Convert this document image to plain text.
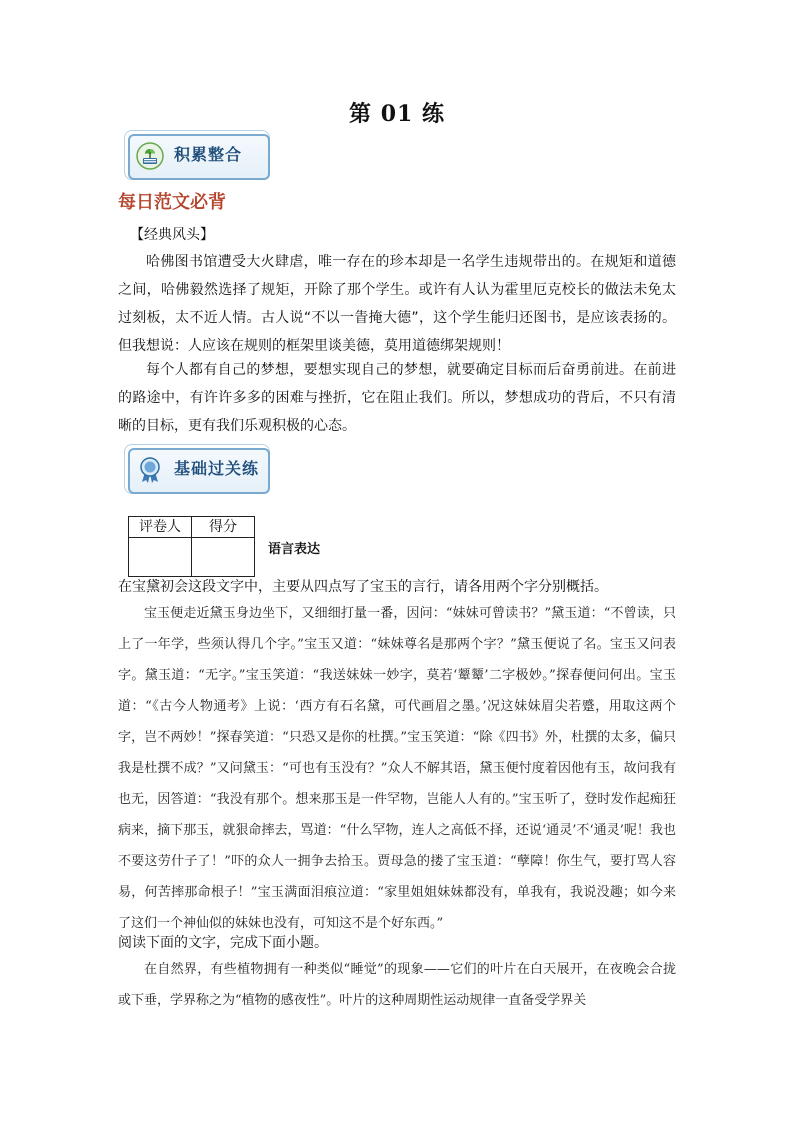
第 01 练
积累整合
每日范文必背
【经典风头】

哈佛图书馆遭受大火肆虐，唯一存在的珍本却是一名学生违规带出的。在规矩和道德之间，哈佛毅然选择了规矩，开除了那个学生。或许有人认为霍里厄克校长的做法未免太过刻板，太不近人情。古人说“不以一眚掩大德”，这个学生能归还图书，是应该表扬的。但我想说：人应该在规则的框架里谈美德，莫用道德绑架规则！

每个人都有自己的梦想，要想实现自己的梦想，就要确定目标而后奋勇前进。在前进的路途中，有许许多多的困难与挫折，它在阻止我们。所以，梦想成功的背后，不只有清晰的目标，更有我们乐观积极的心态。

基础过关练
评卷人	得分

语言表达
在宝黛初会这段文字中，主要从四点写了宝玉的言行，请各用两个字分别概括。

宝玉便走近黛玉身边坐下，又细细打量一番，因问：“妹妹可曾读书？”黛玉道：“不曾读，只上了一年学，些须认得几个字。”宝玉又道：“妹妹尊名是那两个字？”黛玉便说了名。宝玉又问表字。黛玉道：“无字。”宝玉笑道：“我送妹妹一妙字，莫若‘颦颦’二字极妙。”探春便问何出。宝玉道：“《古今人物通考》上说：‘西方有石名黛，可代画眉之墨。’况这妹妹眉尖若蹙，用取这两个字，岂不两妙！”探春笑道：“只恐又是你的杜撰。”宝玉笑道：“除《四书》外，杜撰的太多，偏只我是杜撰不成？”又问黛玉：“可也有玉没有？”众人不解其语，黛玉便忖度着因他有玉，故问我有也无，因答道：“我没有那个。想来那玉是一件罕物，岂能人人有的。”宝玉听了，登时发作起痴狂病来，摘下那玉，就狠命摔去，骂道：“什么罕物，连人之高低不择，还说‘通灵’不‘通灵’呢！我也不要这劳什子了！”吓的众人一拥争去拾玉。贾母急的搂了宝玉道：“孽障！你生气，要打骂人容易，何苦摔那命根子！”宝玉满面泪痕泣道：“家里姐姐妹妹都没有，单我有，我说没趣；如今来了这们一个神仙似的妹妹也没有，可知这不是个好东西。”

阅读下面的文字，完成下面小题。

在自然界，有些植物拥有一种类似“睡觉”的现象——它们的叶片在白天展开，在夜晚会合拢或下垂，学界称之为“植物的感夜性”。叶片的这种周期性运动规律一直备受学界关
